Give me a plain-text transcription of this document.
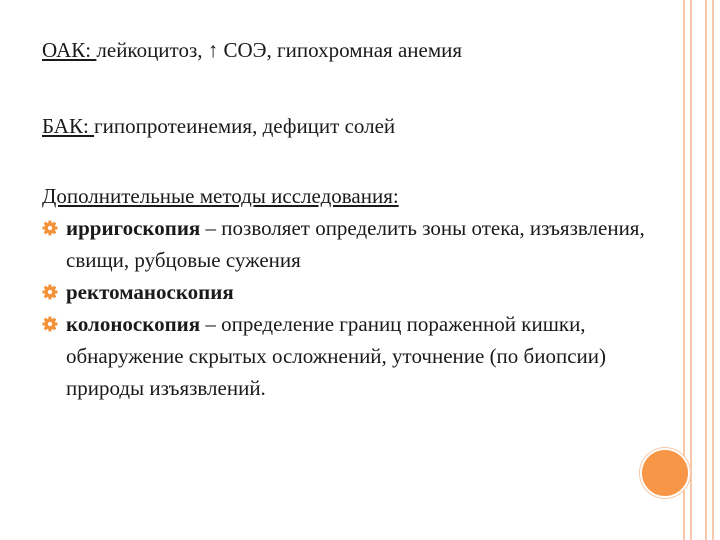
ОАК: лейкоцитоз, ↑ СОЭ, гипохромная анемия
БАК: гипопротеинемия, дефицит солей
Дополнительные методы исследования:
ирригоскопия – позволяет определить зоны отека, изъязвления, свищи, рубцовые сужения
ректоманоскопия
колоноскопия – определение границ пораженной кишки, обнаружение скрытых осложнений, уточнение (по биопсии) природы изъязвлений.
